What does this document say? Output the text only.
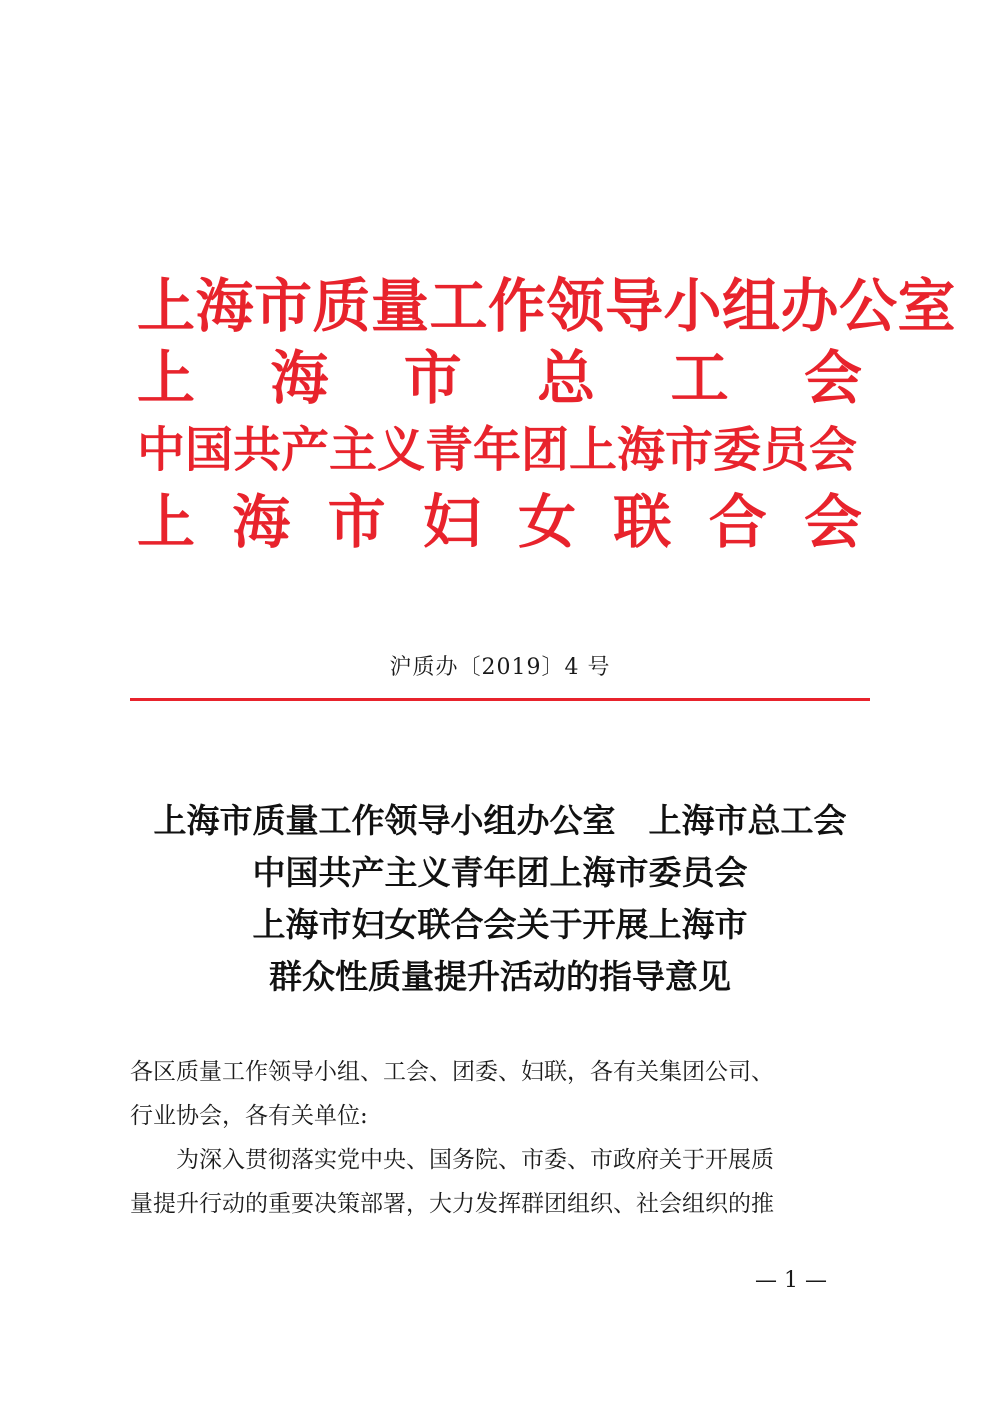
上海市质量工作领导小组办公室
上 海 市 总 工 会
中国共产主义青年团上海市委员会
上 海 市 妇 女 联 合 会
沪质办〔2019〕4 号
上海市质量工作领导小组办公室　上海市总工会
中国共产主义青年团上海市委员会
上海市妇女联合会关于开展上海市
群众性质量提升活动的指导意见
各区质量工作领导小组、工会、团委、妇联，各有关集团公司、
行业协会，各有关单位:
为深入贯彻落实党中央、国务院、市委、市政府关于开展质
量提升行动的重要决策部署，大力发挥群团组织、社会组织的推
— 1 —
